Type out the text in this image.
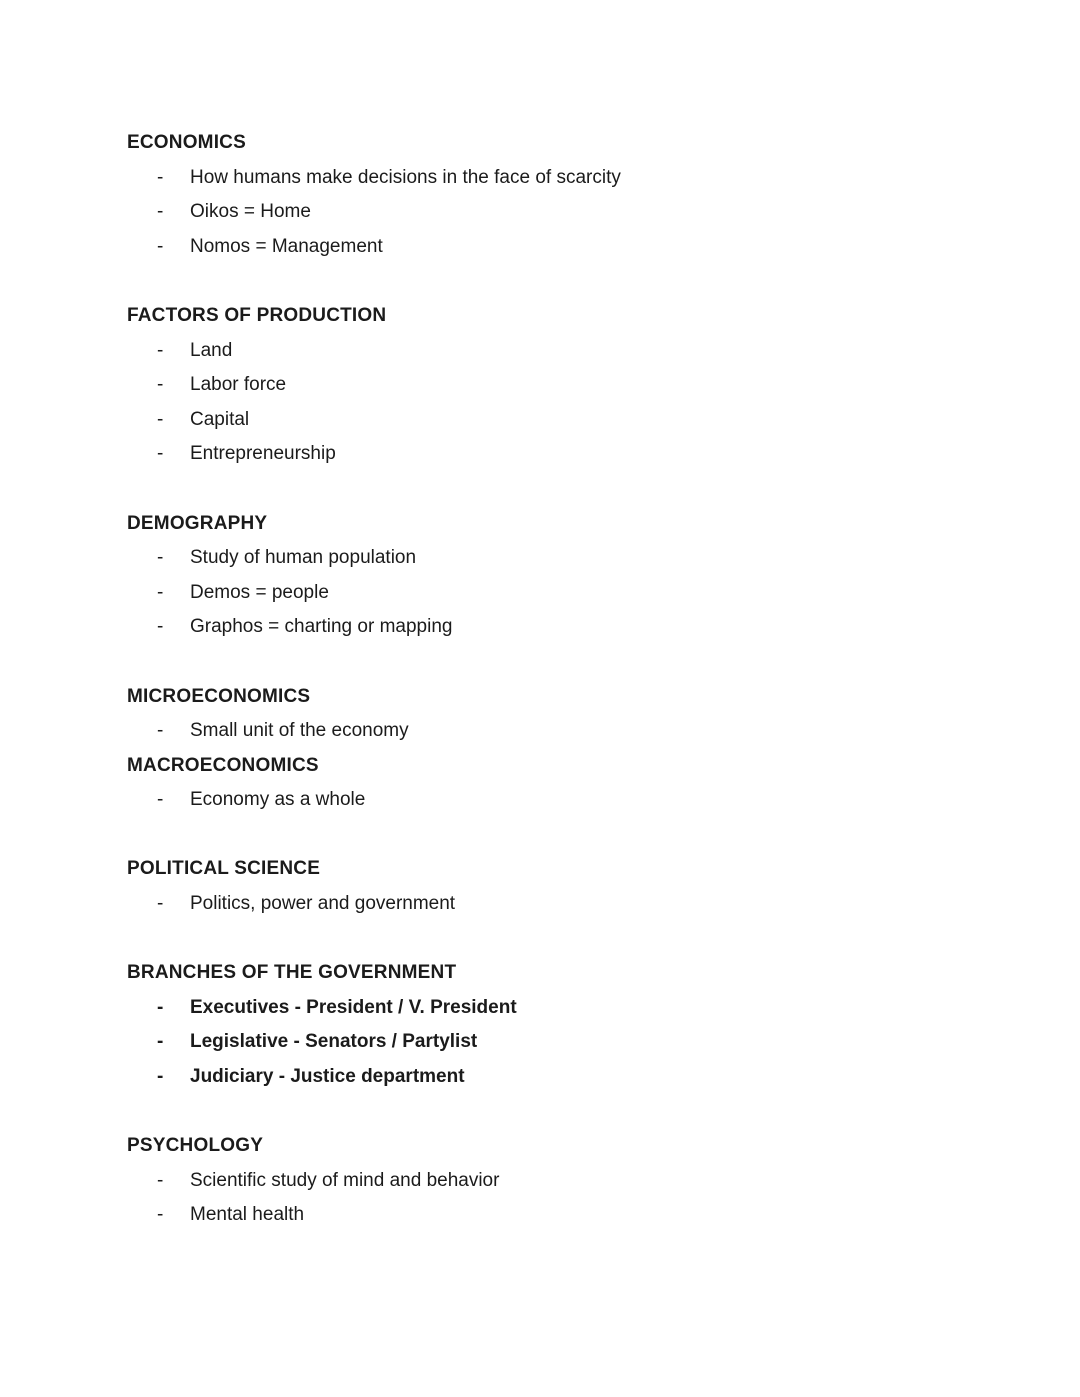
ECONOMICS
-	How humans make decisions in the face of scarcity
-	Oikos = Home
-	Nomos = Management
FACTORS OF PRODUCTION
-	Land
-	Labor force
-	Capital
-	Entrepreneurship
DEMOGRAPHY
-	Study of human population
-	Demos = people
-	Graphos = charting or mapping
MICROECONOMICS
-	Small unit of the economy
MACROECONOMICS
-	Economy as a whole
POLITICAL SCIENCE
-	Politics, power and government
BRANCHES OF THE GOVERNMENT
-	Executives - President / V. President
-	Legislative - Senators / Partylist
-	Judiciary - Justice department
PSYCHOLOGY
-	Scientific study of mind and behavior
-	Mental health
